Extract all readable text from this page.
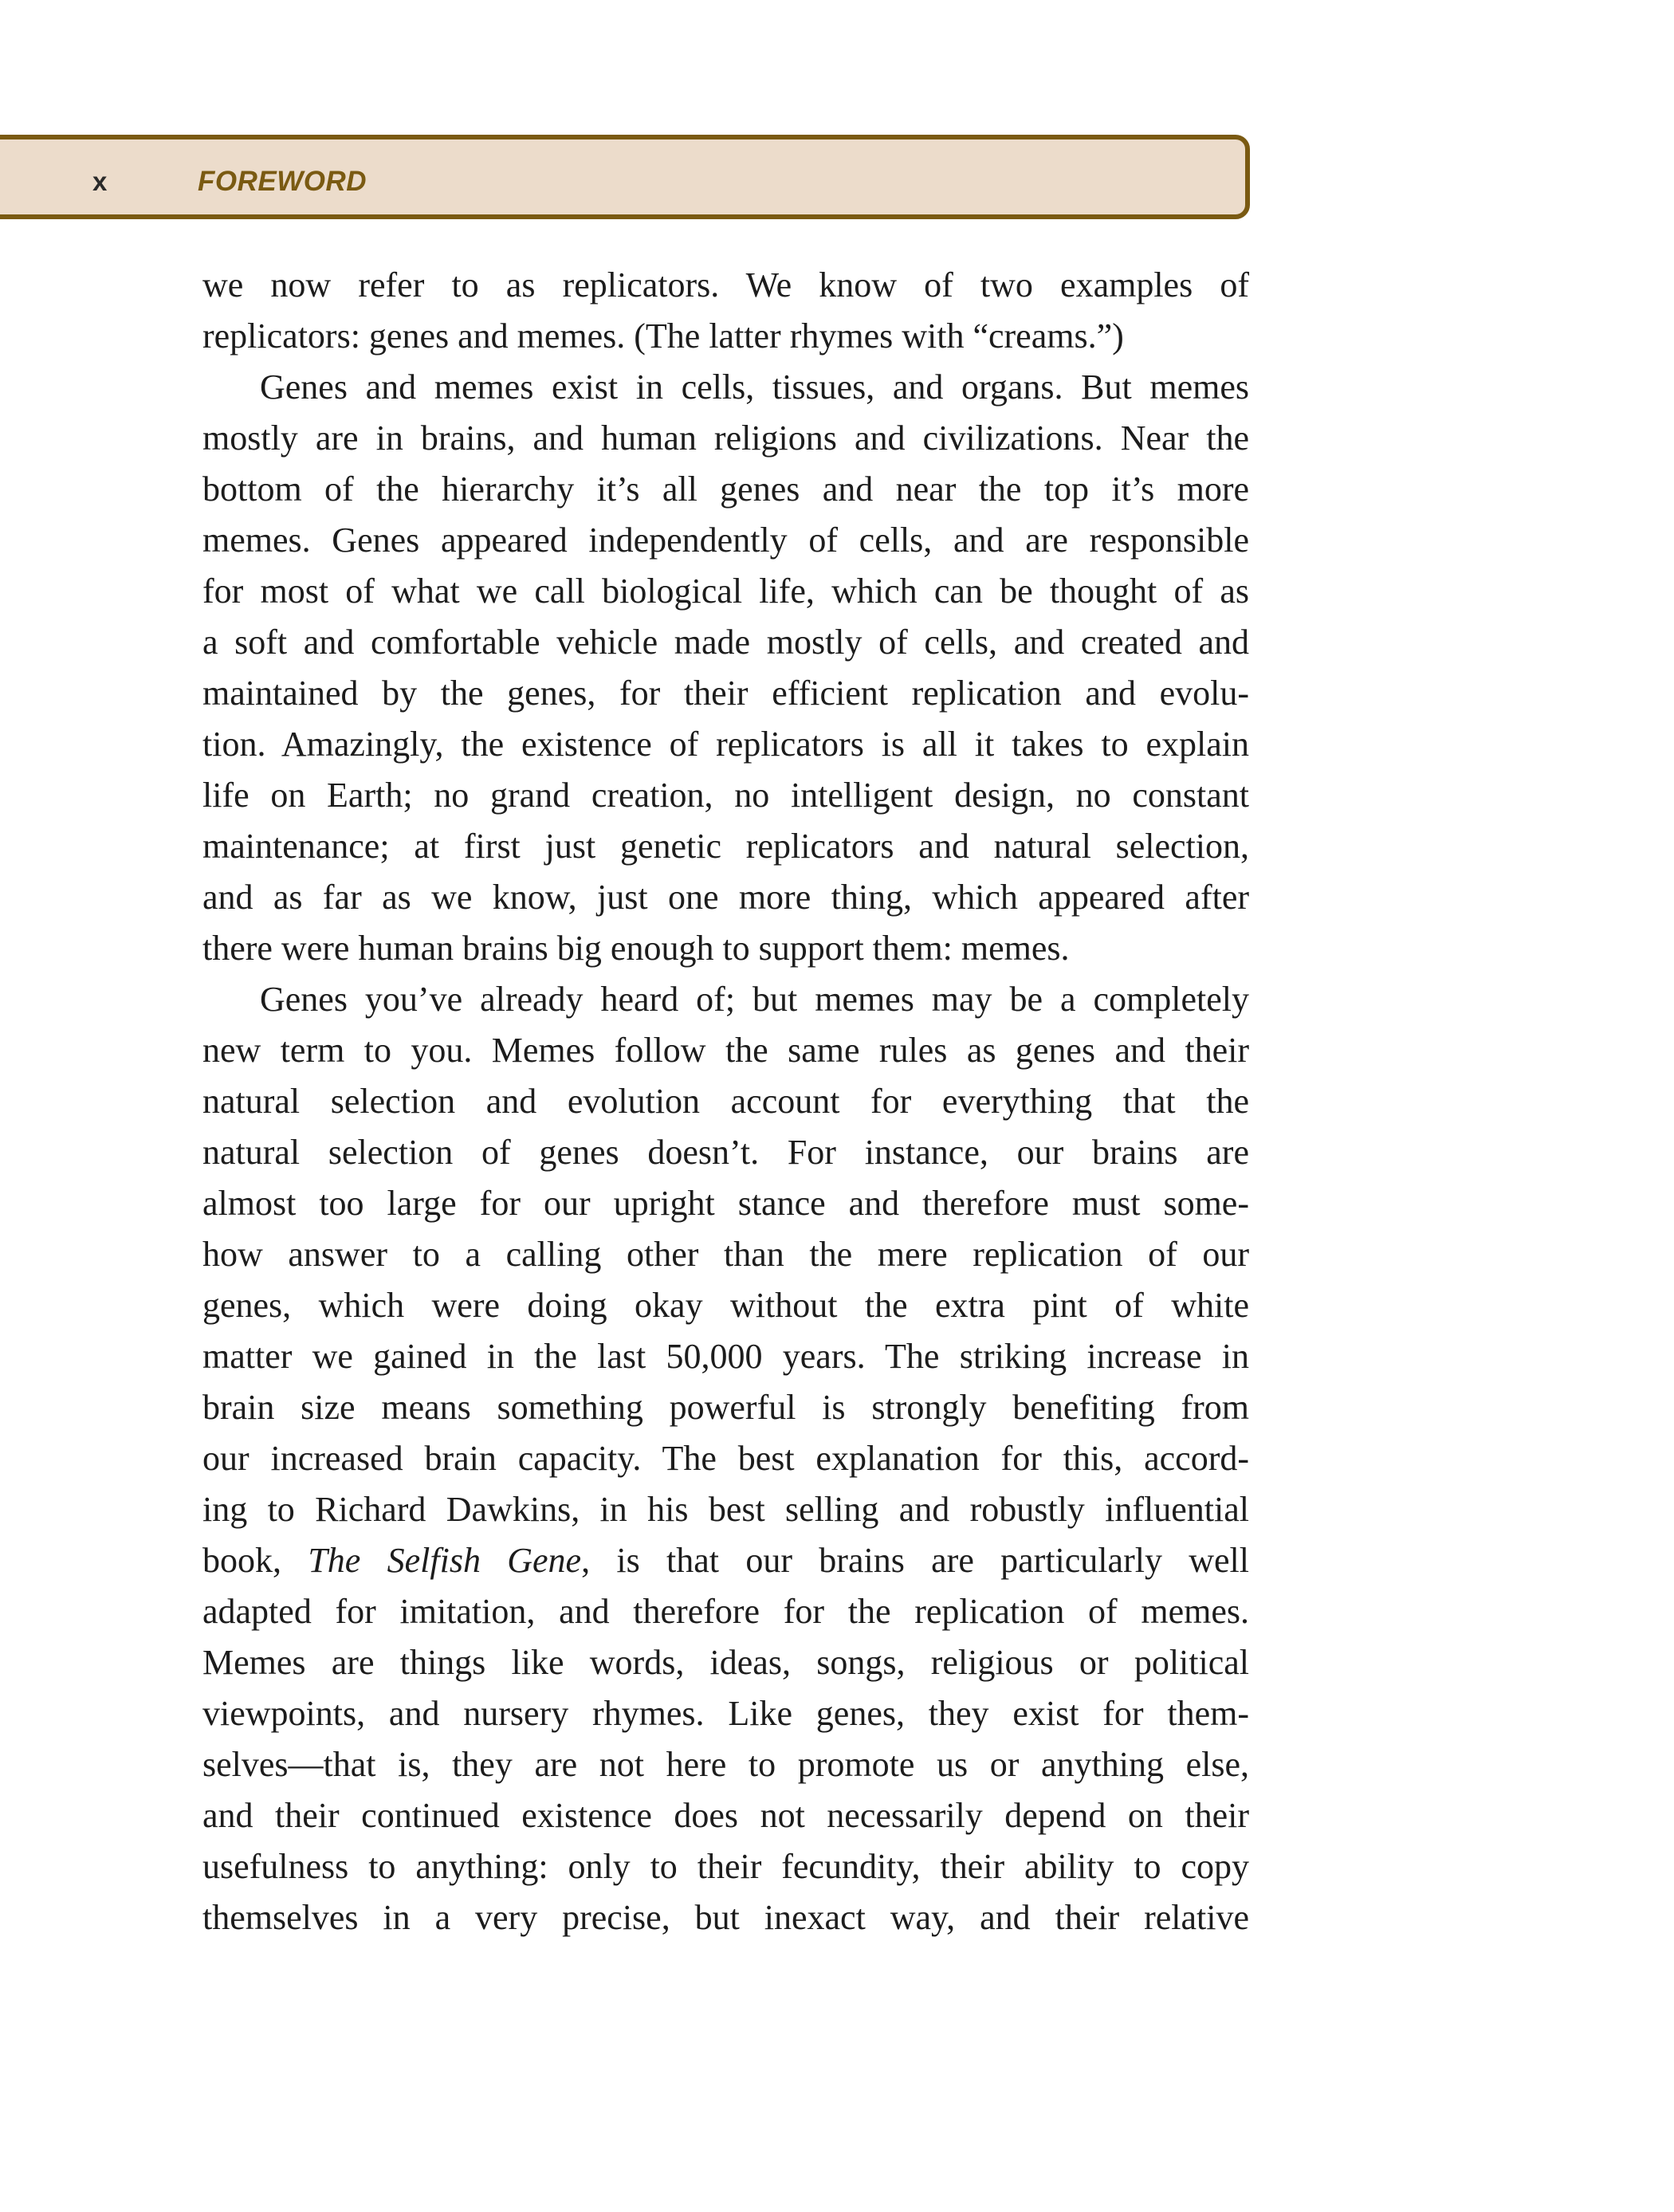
x	FOREWORD
we now refer to as replicators. We know of two examples of
replicators: genes and memes. (The latter rhymes with “creams.”)
Genes and memes exist in cells, tissues, and organs. But memes
mostly are in brains, and human religions and civilizations. Near the
bottom of the hierarchy it’s all genes and near the top it’s more
memes. Genes appeared independently of cells, and are responsible
for most of what we call biological life, which can be thought of as
a soft and comfortable vehicle made mostly of cells, and created and
maintained by the genes, for their efficient replication and evolu-
tion. Amazingly, the existence of replicators is all it takes to explain
life on Earth; no grand creation, no intelligent design, no constant
maintenance; at first just genetic replicators and natural selection,
and as far as we know, just one more thing, which appeared after
there were human brains big enough to support them: memes.
Genes you’ve already heard of; but memes may be a completely
new term to you. Memes follow the same rules as genes and their
natural selection and evolution account for everything that the
natural selection of genes doesn’t. For instance, our brains are
almost too large for our upright stance and therefore must some-
how answer to a calling other than the mere replication of our
genes, which were doing okay without the extra pint of white
matter we gained in the last 50,000 years. The striking increase in
brain size means something powerful is strongly benefiting from
our increased brain capacity. The best explanation for this, accord-
ing to Richard Dawkins, in his best selling and robustly influential
book, The Selfish Gene, is that our brains are particularly well
adapted for imitation, and therefore for the replication of memes.
Memes are things like words, ideas, songs, religious or political
viewpoints, and nursery rhymes. Like genes, they exist for them-
selves—that is, they are not here to promote us or anything else,
and their continued existence does not necessarily depend on their
usefulness to anything: only to their fecundity, their ability to copy
themselves in a very precise, but inexact way, and their relative
